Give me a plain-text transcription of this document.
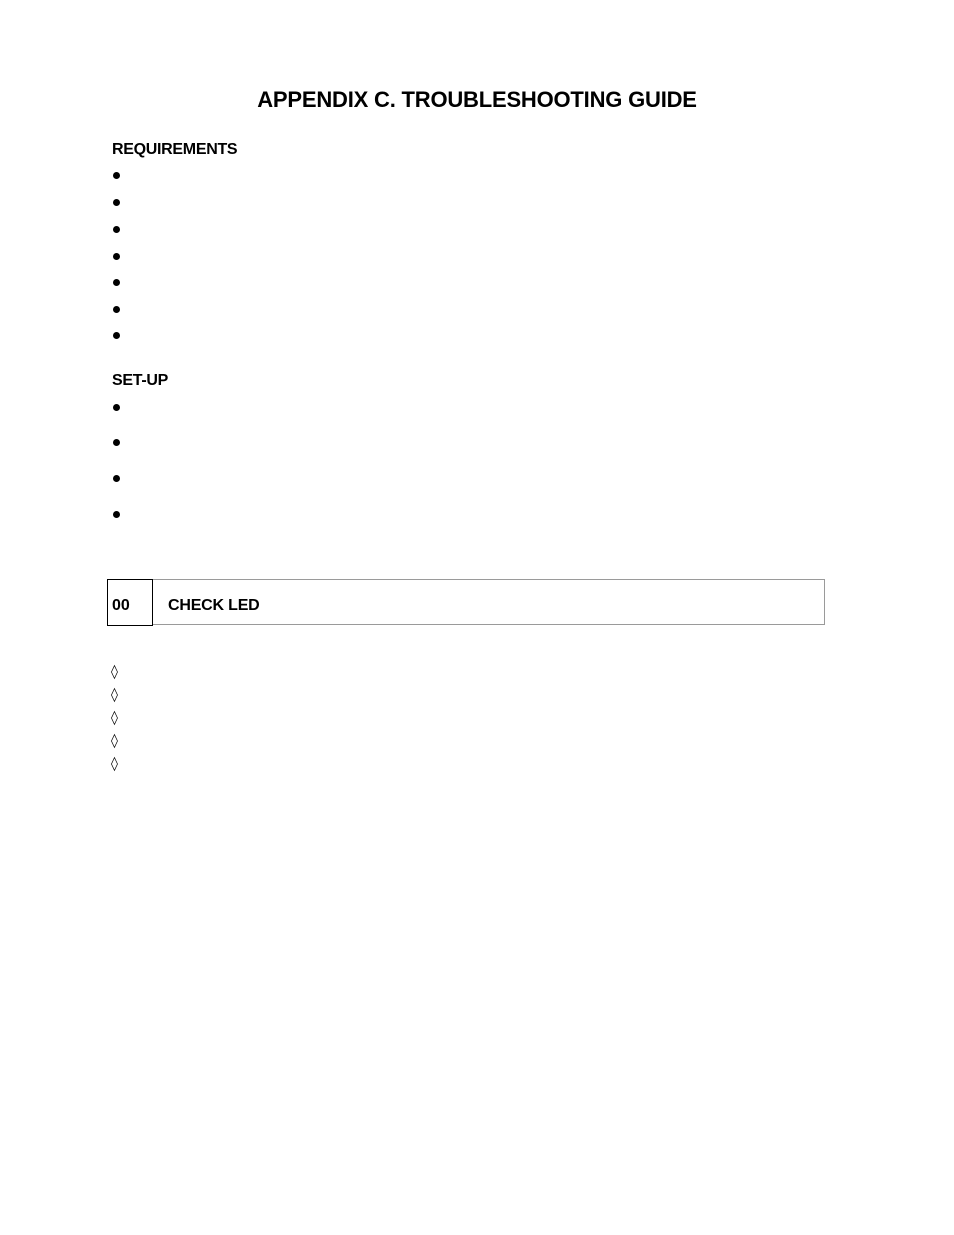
APPENDIX C. TROUBLESHOOTING GUIDE
REQUIREMENTS
SET-UP
00 CHECK LED
◊
◊
◊
◊
◊
